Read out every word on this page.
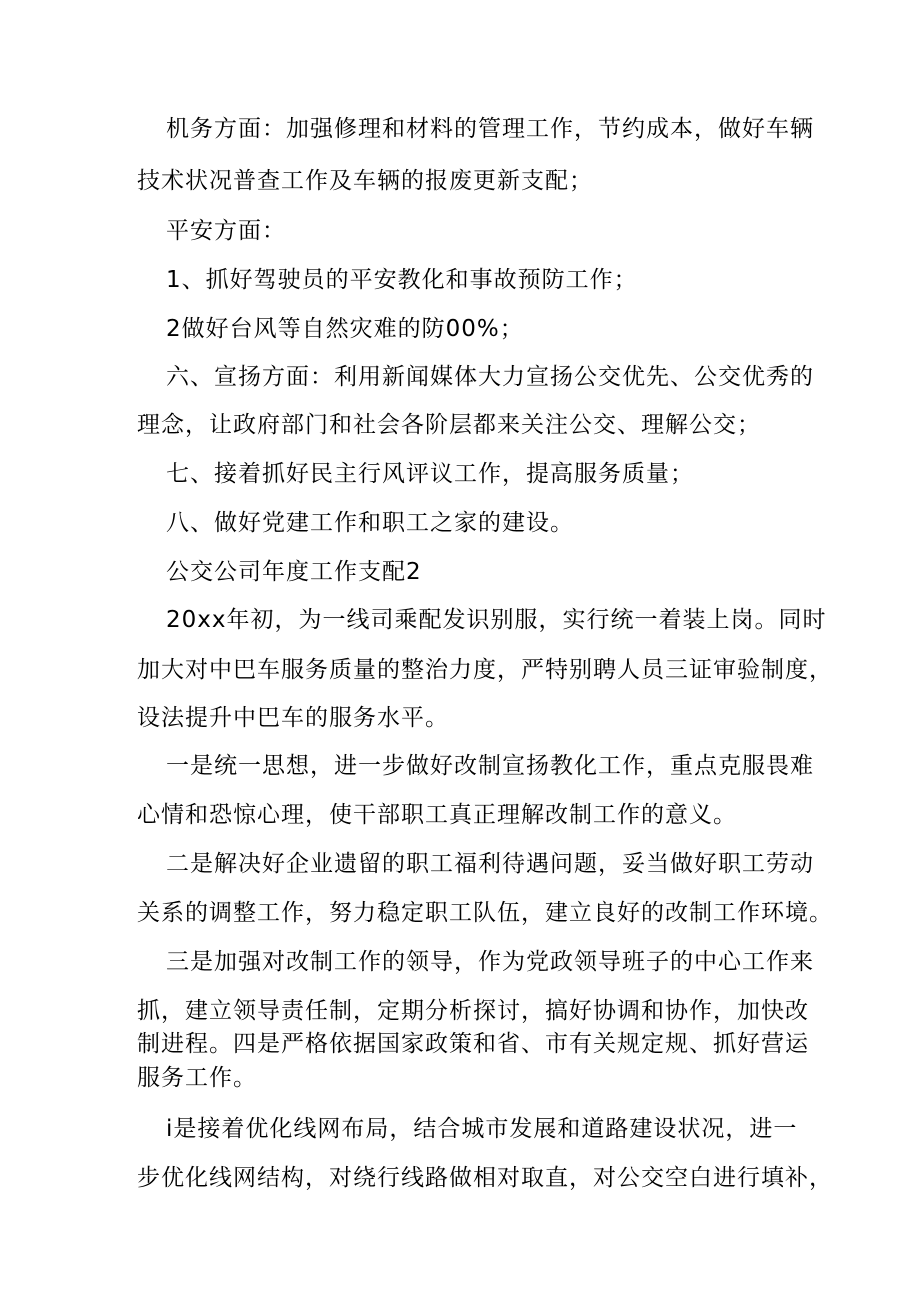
机务方面：加强修理和材料的管理工作，节约成本，做好车辆

技术状况普查工作及车辆的报废更新支配；

平安方面：

1、抓好驾驶员的平安教化和事故预防工作；

2做好台风等自然灾难的防00%；

六、宣扬方面：利用新闻媒体大力宣扬公交优先、公交优秀的

理念，让政府部门和社会各阶层都来关注公交、理解公交；

七、接着抓好民主行风评议工作，提高服务质量；

八、做好党建工作和职工之家的建设。

公交公司年度工作支配2

20xx年初，为一线司乘配发识别服，实行统一着装上岗。同时

加大对中巴车服务质量的整治力度，严特别聘人员三证审验制度，

设法提升中巴车的服务水平。

一是统一思想，进一步做好改制宣扬教化工作，重点克服畏难

心情和恐惊心理，使干部职工真正理解改制工作的意义。

二是解决好企业遗留的职工福利待遇问题，妥当做好职工劳动

关系的调整工作，努力稳定职工队伍，建立良好的改制工作环境。

三是加强对改制工作的领导，作为党政领导班子的中心工作来

抓，建立领导责任制，定期分析探讨，搞好协调和协作，加快改

制进程。四是严格依据国家政策和省、市有关规定规、抓好营运

服务工作。

i是接着优化线网布局，结合城市发展和道路建设状况，进一

步优化线网结构，对绕行线路做相对取直，对公交空白进行填补，
